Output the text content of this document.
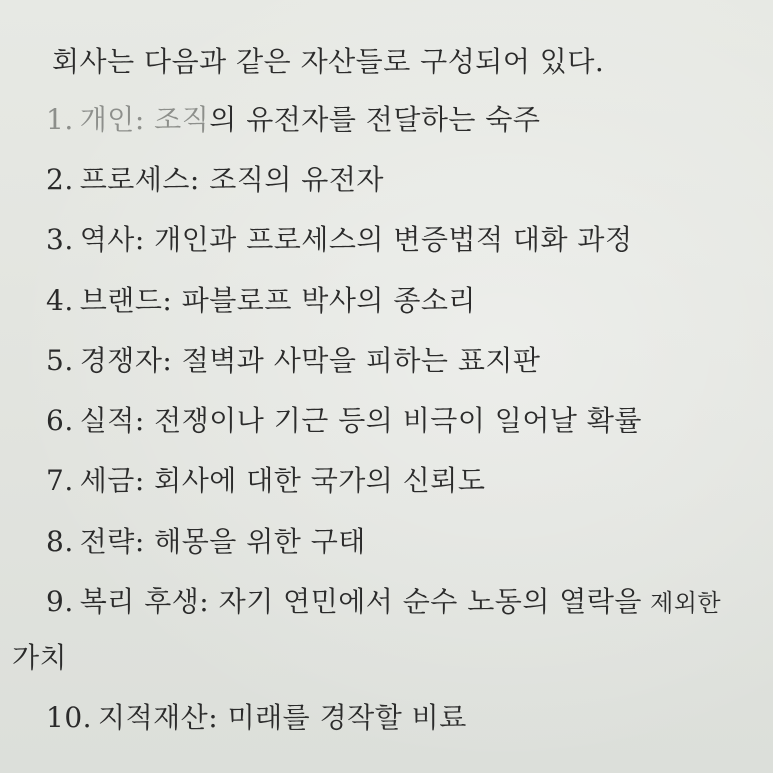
회사는 다음과 같은 자산들로 구성되어 있다.
1. 개인: 조직의 유전자를 전달하는 숙주
2. 프로세스: 조직의 유전자
3. 역사: 개인과 프로세스의 변증법적 대화 과정
4. 브랜드: 파블로프 박사의 종소리
5. 경쟁자: 절벽과 사막을 피하는 표지판
6. 실적: 전쟁이나 기근 등의 비극이 일어날 확률
7. 세금: 회사에 대한 국가의 신뢰도
8. 전략: 해몽을 위한 구태
9. 복리 후생: 자기 연민에서 순수 노동의 열락을 제외한
가치
10. 지적재산: 미래를 경작할 비료
